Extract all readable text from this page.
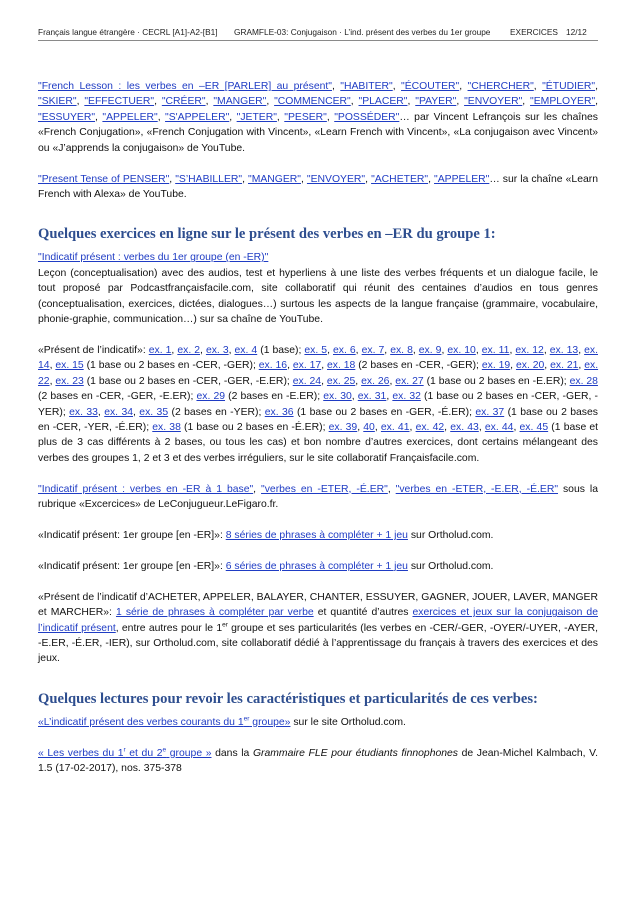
Français langue étrangère · CECRL [A1]-A2-[B1] GRAMFLE-03: Conjugaison · L’ind. présent des verbes du 1er groupe EXERCICES 12/12

"French Lesson : les verbes en –ER [PARLER] au présent", "HABITER", "ÉCOUTER", "CHERCHER", "ÉTUDIER", "SKIER", "EFFECTUER", "CRÉER", "MANGER", "COMMENCER", "PLACER", "PAYER", "ENVOYER", "EMPLOYER", "ESSUYER", "APPELER", "S'APPELER", "JETER", "PESER", "POSSÉDER"… par Vincent Lefrançois sur les chaînes «French Conjugation», «French Conjugation with Vincent», «Learn French with Vincent», «La conjugaison avec Vincent» ou «J’apprends la conjugaison» de YouTube.

"Present Tense of PENSER", "S’HABILLER", "MANGER", "ENVOYER", "ACHETER", "APPELER"… sur la chaîne «Learn French with Alexa» de YouTube.

Quelques exercices en ligne sur le présent des verbes en –ER du groupe 1:

"Indicatif présent : verbes du 1er groupe (en -ER)"
Leçon (conceptualisation) avec des audios, test et hyperliens à une liste des verbes fréquents et un dialogue facile, le tout proposé par Podcastfrançaisfacile.com, site collaboratif qui réunit des centaines d’audios en tous genres (conceptualisation, exercices, dictées, dialogues…) surtous les aspects de la langue française (grammaire, vocabulaire, phonie-graphie, communication…) sur sa chaîne de YouTube.

«Présent de l’indicatif»: ex. 1, ex. 2, ex. 3, ex. 4 (1 base); ex. 5, ex. 6, ex. 7, ex. 8, ex. 9, ex. 10, ex. 11, ex. 12, ex. 13, ex. 14, ex. 15 (1 base ou 2 bases en -CER, -GER); ex. 16, ex. 17, ex. 18 (2 bases en -CER, -GER); ex. 19, ex. 20, ex. 21, ex. 22, ex. 23 (1 base ou 2 bases en -CER, -GER, -E.ER); ex. 24, ex. 25, ex. 26, ex. 27 (1 base ou 2 bases en -E.ER); ex. 28 (2 bases en -CER, -GER, -E.ER); ex. 29 (2 bases en -E.ER); ex. 30, ex. 31, ex. 32 (1 base ou 2 bases en -CER, -GER, -YER); ex. 33, ex. 34, ex. 35 (2 bases en -YER); ex. 36 (1 base ou 2 bases en -GER, -É.ER); ex. 37 (1 base ou 2 bases en -CER, -YER, -É.ER); ex. 38 (1 base ou 2 bases en -É.ER); ex. 39, 40, ex. 41, ex. 42, ex. 43, ex. 44, ex. 45 (1 base et plus de 3 cas différents à 2 bases, ou tous les cas) et bon nombre d’autres exercices, dont certains mélangeant des verbes des groupes 1, 2 et 3 et des verbes irréguliers, sur le site collaboratif Françaisfacile.com.

"Indicatif présent : verbes en -ER à 1 base", "verbes en -ETER, -É.ER", "verbes en -ETER, -E.ER, -É.ER" sous la rubrique «Excercices» de LeConjugueur.LeFigaro.fr.

«Indicatif présent: 1er groupe [en -ER]»: 8 séries de phrases à compléter + 1 jeu sur Ortholud.com.

«Indicatif présent: 1er groupe [en -ER]»: 6 séries de phrases à compléter + 1 jeu sur Ortholud.com.

«Présent de l’indicatif d’ACHETER, APPELER, BALAYER, CHANTER, ESSUYER, GAGNER, JOUER, LAVER, MANGER et MARCHER»: 1 série de phrases à compléter par verbe et quantité d’autres exercices et jeux sur la conjugaison de l’indicatif présent, entre autres pour le 1er groupe et ses particularités (les verbes en -CER/-GER, -OYER/-UYER, -AYER, -E.ER, -É.ER, -IER), sur Ortholud.com, site collaboratif dédié à l’apprentissage du français à travers des exercices et des jeux.

Quelques lectures pour revoir les caractéristiques et particularités de ces verbes:

«L’indicatif présent des verbes courants du 1er groupe» sur le site Ortholud.com.

« Les verbes du 1$^r$ et du 2e groupe » dans la Grammaire FLE pour étudiants finnophones de Jean-Michel Kalmbach, V. 1.5 (17-02-2017), nos. 375-378
